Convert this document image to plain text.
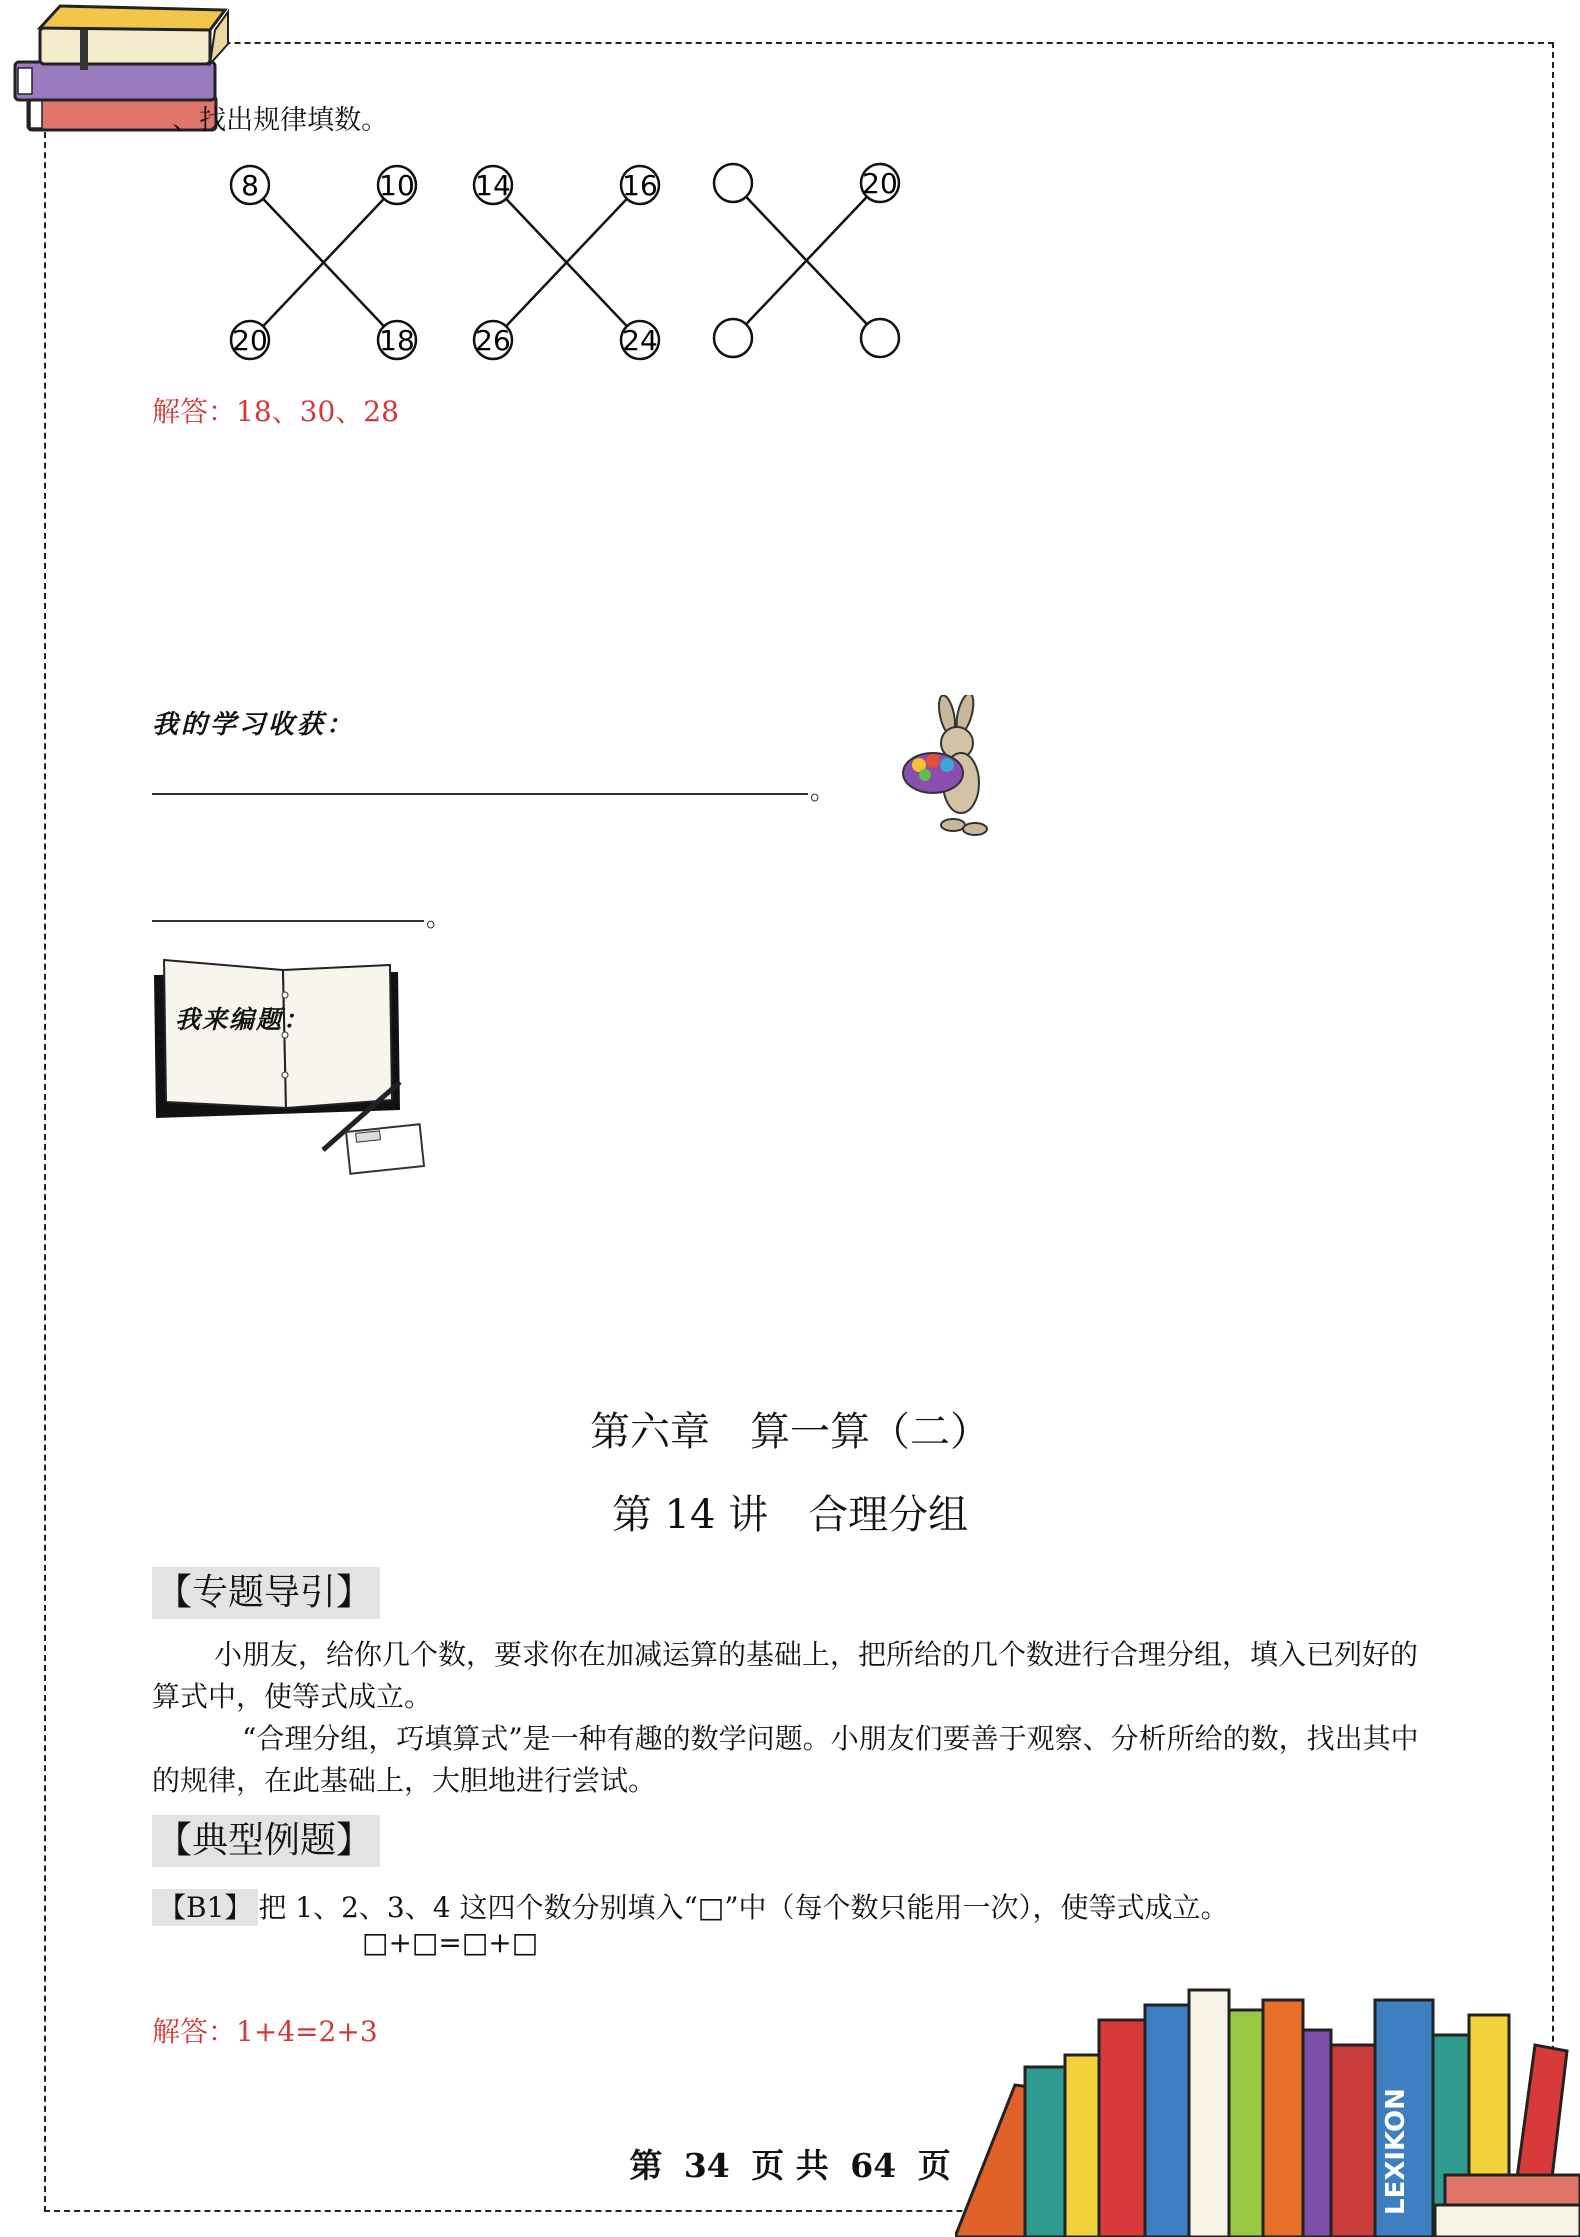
、找出规律填数。
8	10
20	18
14	16
26	24
20
解答：18、30、28
我的学习收获：
。
。
我来编题：
第六章　算一算（二）
第 14 讲　合理分组
【专题导引】
小朋友，给你几个数，要求你在加减运算的基础上，把所给的几个数进行合理分组，填入已列好的算式中，使等式成立。
“合理分组，巧填算式”是一种有趣的数学问题。小朋友们要善于观察、分析所给的数，找出其中的规律，在此基础上，大胆地进行尝试。
【典型例题】
【B1】 把 1、2、3、4 这四个数分别填入“□”中（每个数只能用一次），使等式成立。
□+□=□+□
解答：1+4=2+3
LEXIKON
第 34 页 共 64 页
